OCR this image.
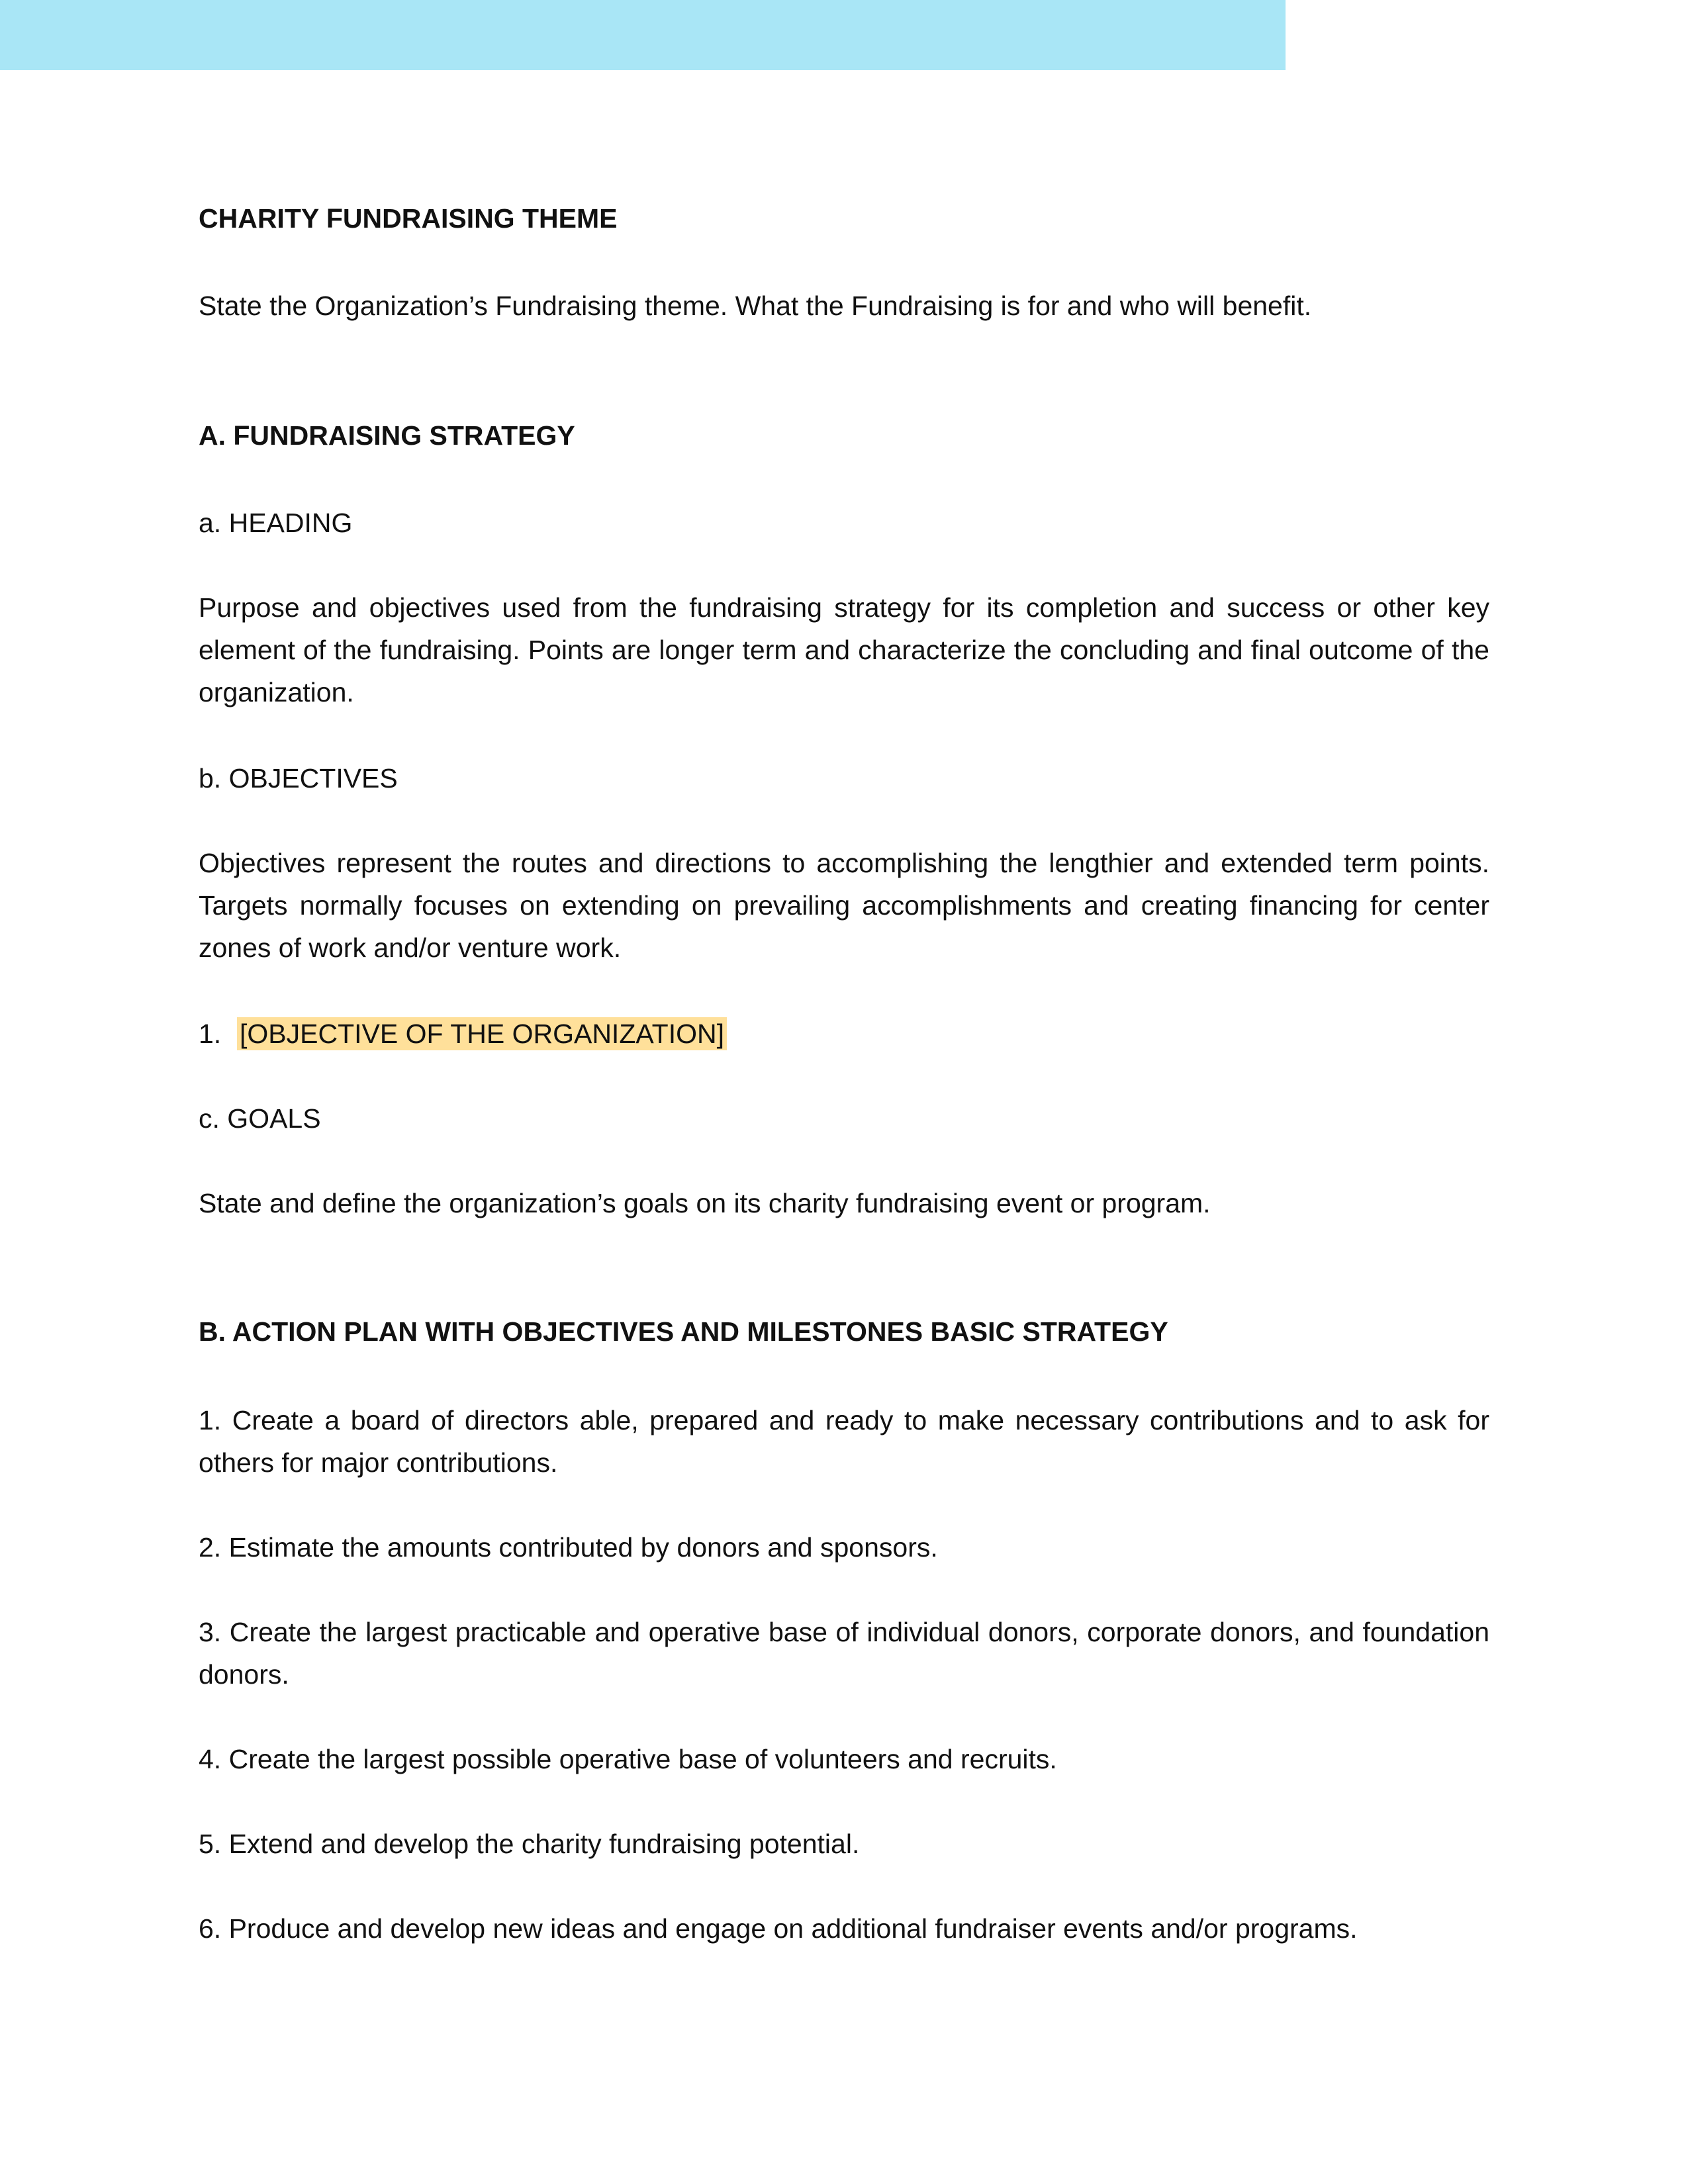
CHARITY FUNDRAISING THEME

State the Organization’s Fundraising theme. What the Fundraising is for and who will benefit.

A. FUNDRAISING STRATEGY

a. HEADING

Purpose and objectives used from the fundraising strategy for its completion and success or other key element of the fundraising. Points are longer term and characterize the concluding and final outcome of the organization.

b. OBJECTIVES

Objectives represent the routes and directions to accomplishing the lengthier and extended term points. Targets normally focuses on extending on prevailing accomplishments and creating financing for center zones of work and/or venture work.

1. [OBJECTIVE OF THE ORGANIZATION]

c. GOALS

State and define the organization’s goals on its charity fundraising event or program.

B. ACTION PLAN WITH OBJECTIVES AND MILESTONES BASIC STRATEGY

1. Create a board of directors able, prepared and ready to make necessary contributions and to ask for others for major contributions.

2. Estimate the amounts contributed by donors and sponsors.

3. Create the largest practicable and operative base of individual donors, corporate donors, and foundation donors.

4. Create the largest possible operative base of volunteers and recruits.

5. Extend and develop the charity fundraising potential.

6. Produce and develop new ideas and engage on additional fundraiser events and/or programs.
